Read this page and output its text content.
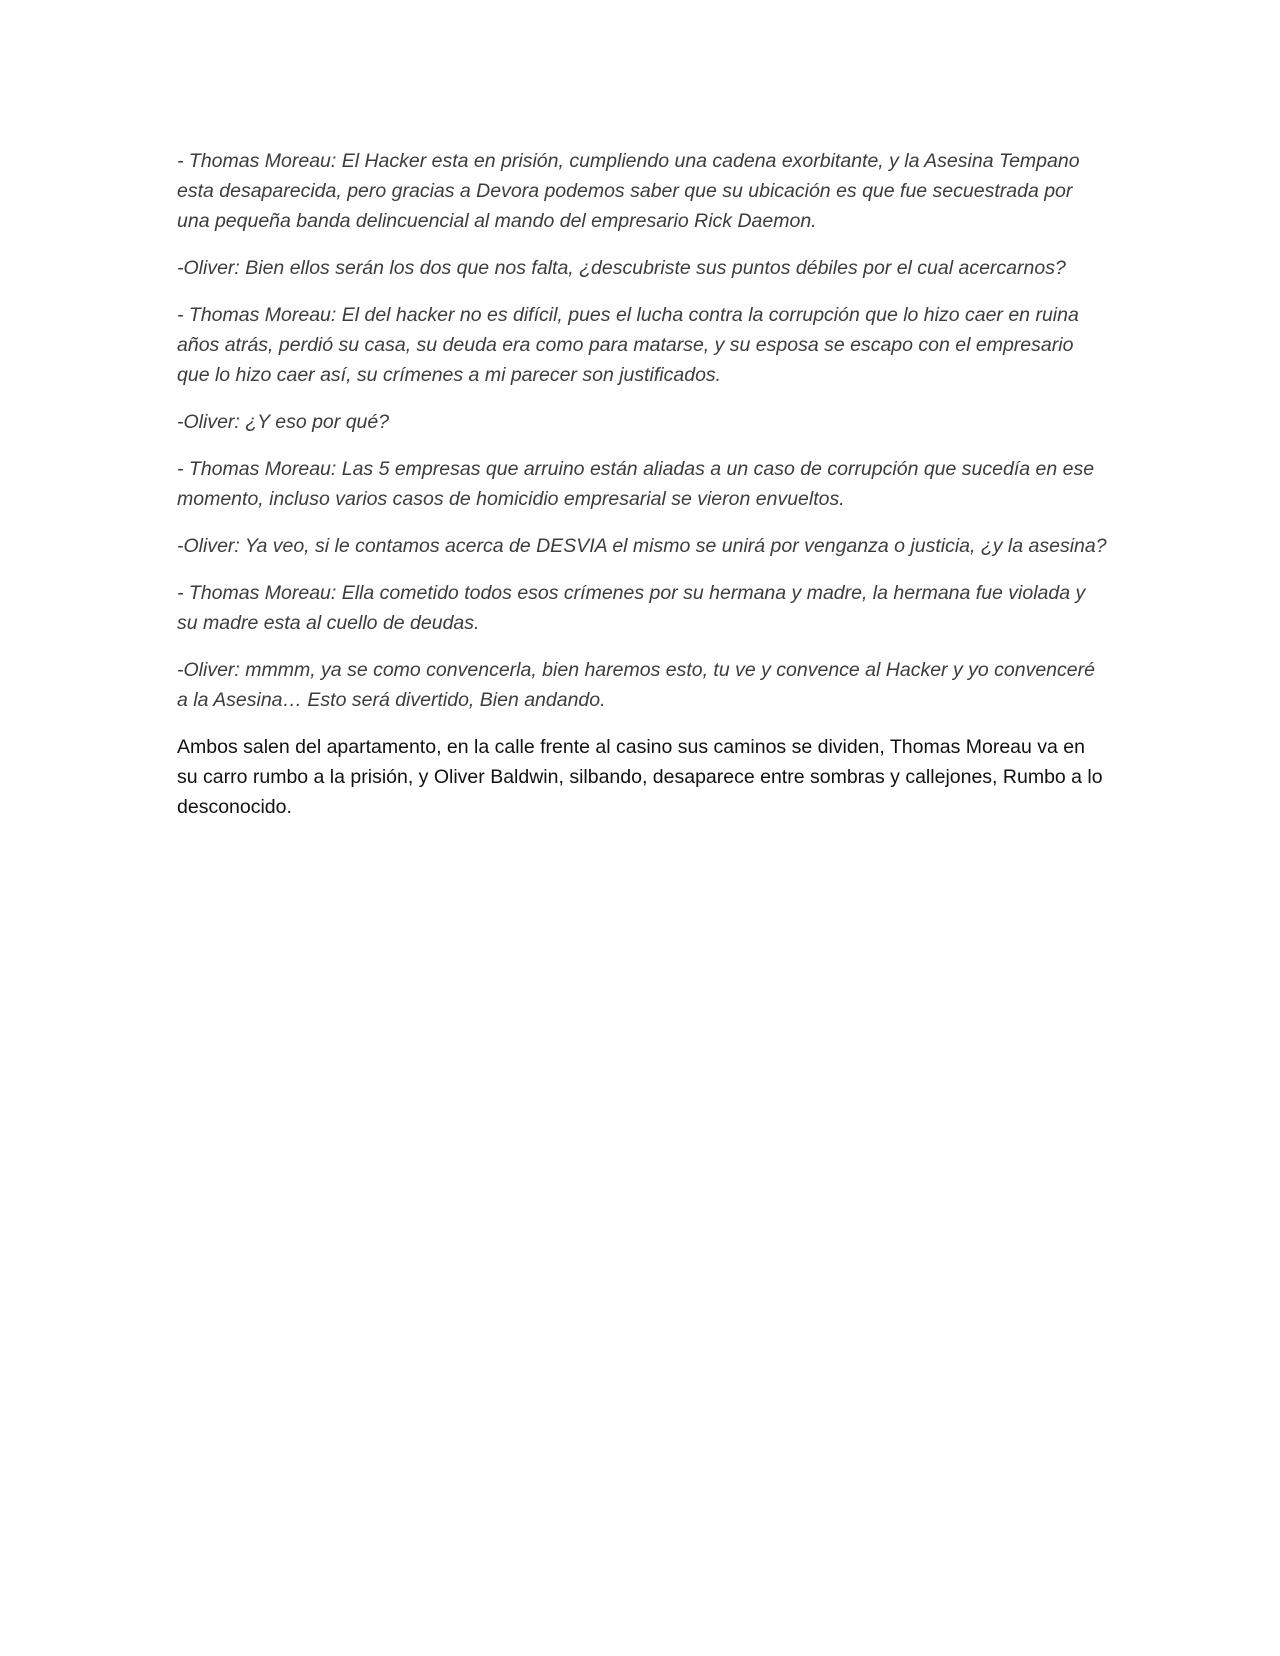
- Thomas Moreau: El Hacker esta en prisión, cumpliendo una cadena exorbitante, y la Asesina Tempano esta desaparecida, pero gracias a Devora podemos saber que su ubicación es que fue secuestrada por una pequeña banda delincuencial al mando del empresario Rick Daemon.

-Oliver: Bien ellos serán los dos que nos falta, ¿descubriste sus puntos débiles por el cual acercarnos?

- Thomas Moreau: El del hacker no es difícil, pues el lucha contra la corrupción que lo hizo caer en ruina años atrás, perdió su casa, su deuda era como para matarse, y su esposa se escapo con el empresario que lo hizo caer así, su crímenes a mi parecer son justificados.

-Oliver: ¿Y eso por qué?

- Thomas Moreau: Las 5 empresas que arruino están aliadas a un caso de corrupción que sucedía en ese momento, incluso varios casos de homicidio empresarial se vieron envueltos.

-Oliver: Ya veo, si le contamos acerca de DESVIA el mismo se unirá por venganza o justicia, ¿y la asesina?

- Thomas Moreau: Ella cometido todos esos crímenes por su hermana y madre, la hermana fue violada y su madre esta al cuello de deudas.

-Oliver: mmmm, ya se como convencerla, bien haremos esto, tu ve y convence al Hacker y yo convenceré a la Asesina… Esto será divertido, Bien andando.

Ambos salen del apartamento, en la calle frente al casino sus caminos se dividen, Thomas Moreau va en su carro rumbo a la prisión, y Oliver Baldwin, silbando, desaparece entre sombras y callejones, Rumbo a lo desconocido.
